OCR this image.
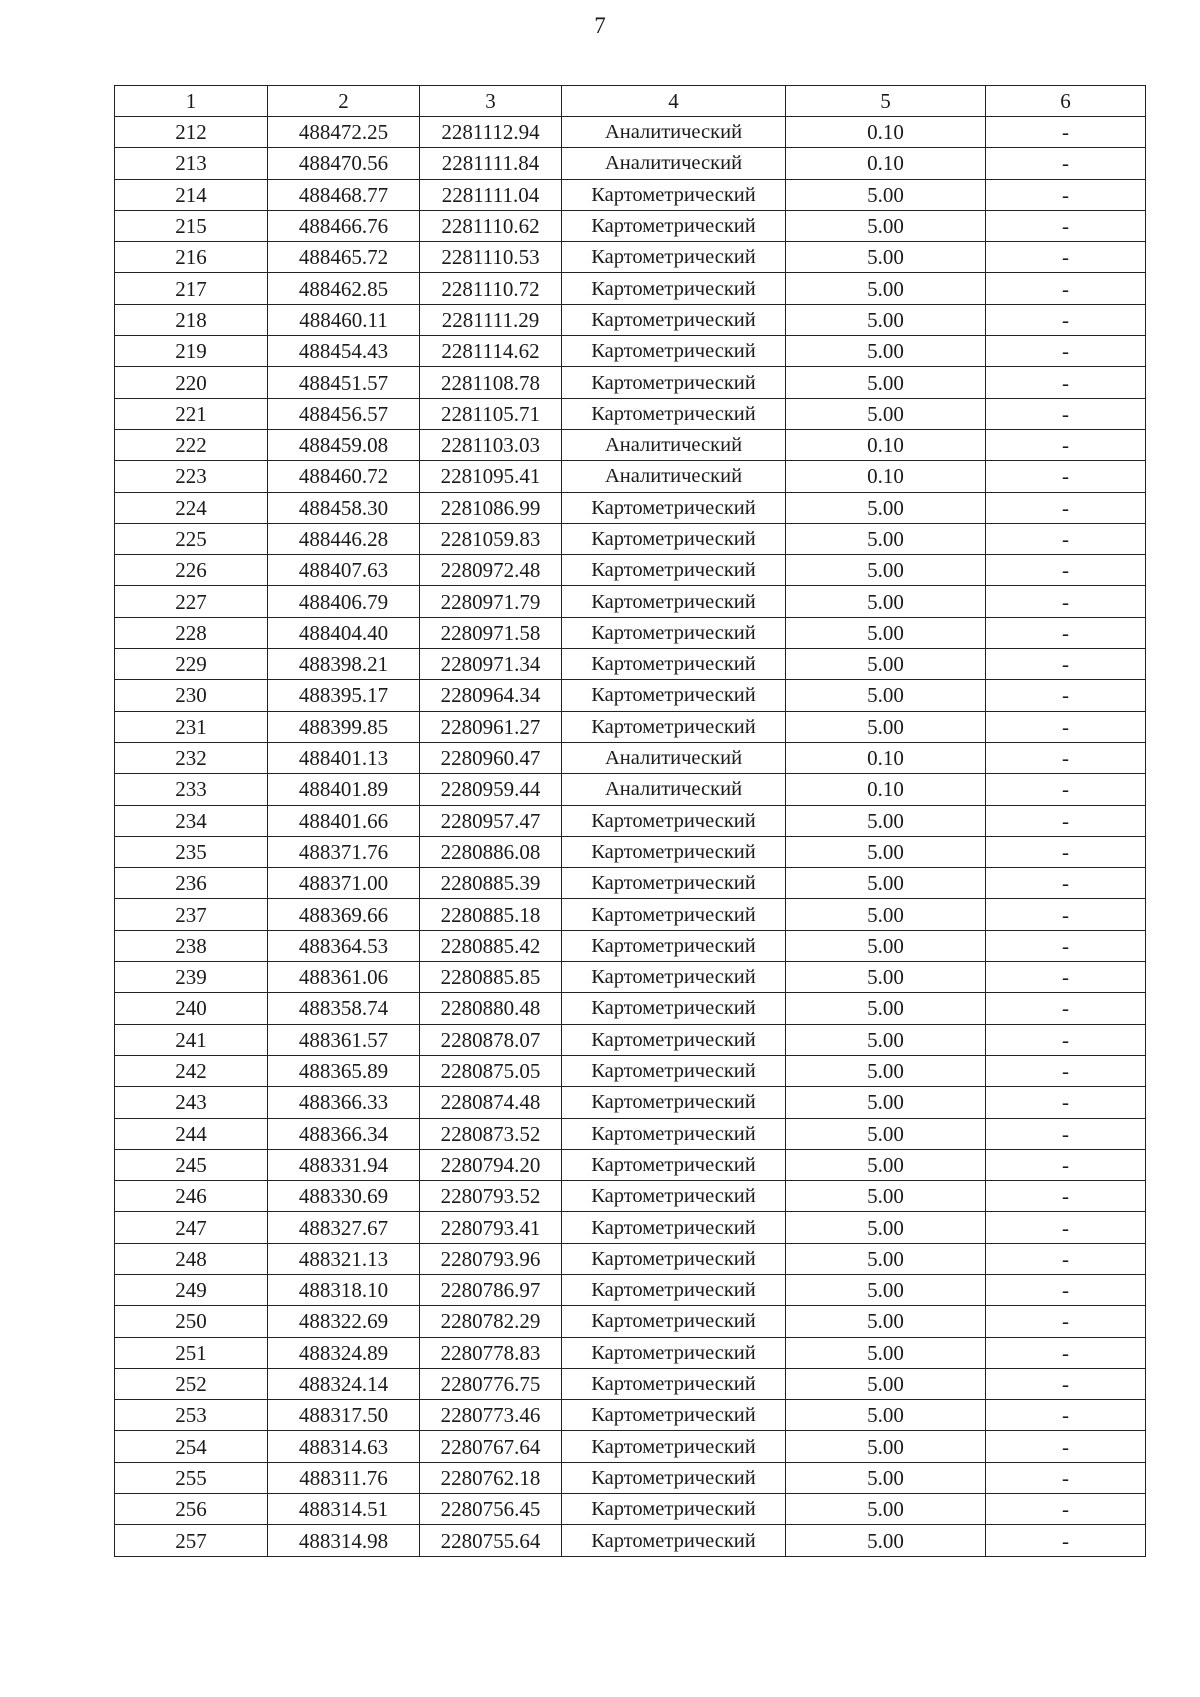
7
1	2	3	4	5	6
212	488472.25	2281112.94	Аналитический	0.10	-
213	488470.56	2281111.84	Аналитический	0.10	-
214	488468.77	2281111.04	Картометрический	5.00	-
215	488466.76	2281110.62	Картометрический	5.00	-
216	488465.72	2281110.53	Картометрический	5.00	-
217	488462.85	2281110.72	Картометрический	5.00	-
218	488460.11	2281111.29	Картометрический	5.00	-
219	488454.43	2281114.62	Картометрический	5.00	-
220	488451.57	2281108.78	Картометрический	5.00	-
221	488456.57	2281105.71	Картометрический	5.00	-
222	488459.08	2281103.03	Аналитический	0.10	-
223	488460.72	2281095.41	Аналитический	0.10	-
224	488458.30	2281086.99	Картометрический	5.00	-
225	488446.28	2281059.83	Картометрический	5.00	-
226	488407.63	2280972.48	Картометрический	5.00	-
227	488406.79	2280971.79	Картометрический	5.00	-
228	488404.40	2280971.58	Картометрический	5.00	-
229	488398.21	2280971.34	Картометрический	5.00	-
230	488395.17	2280964.34	Картометрический	5.00	-
231	488399.85	2280961.27	Картометрический	5.00	-
232	488401.13	2280960.47	Аналитический	0.10	-
233	488401.89	2280959.44	Аналитический	0.10	-
234	488401.66	2280957.47	Картометрический	5.00	-
235	488371.76	2280886.08	Картометрический	5.00	-
236	488371.00	2280885.39	Картометрический	5.00	-
237	488369.66	2280885.18	Картометрический	5.00	-
238	488364.53	2280885.42	Картометрический	5.00	-
239	488361.06	2280885.85	Картометрический	5.00	-
240	488358.74	2280880.48	Картометрический	5.00	-
241	488361.57	2280878.07	Картометрический	5.00	-
242	488365.89	2280875.05	Картометрический	5.00	-
243	488366.33	2280874.48	Картометрический	5.00	-
244	488366.34	2280873.52	Картометрический	5.00	-
245	488331.94	2280794.20	Картометрический	5.00	-
246	488330.69	2280793.52	Картометрический	5.00	-
247	488327.67	2280793.41	Картометрический	5.00	-
248	488321.13	2280793.96	Картометрический	5.00	-
249	488318.10	2280786.97	Картометрический	5.00	-
250	488322.69	2280782.29	Картометрический	5.00	-
251	488324.89	2280778.83	Картометрический	5.00	-
252	488324.14	2280776.75	Картометрический	5.00	-
253	488317.50	2280773.46	Картометрический	5.00	-
254	488314.63	2280767.64	Картометрический	5.00	-
255	488311.76	2280762.18	Картометрический	5.00	-
256	488314.51	2280756.45	Картометрический	5.00	-
257	488314.98	2280755.64	Картометрический	5.00	-
